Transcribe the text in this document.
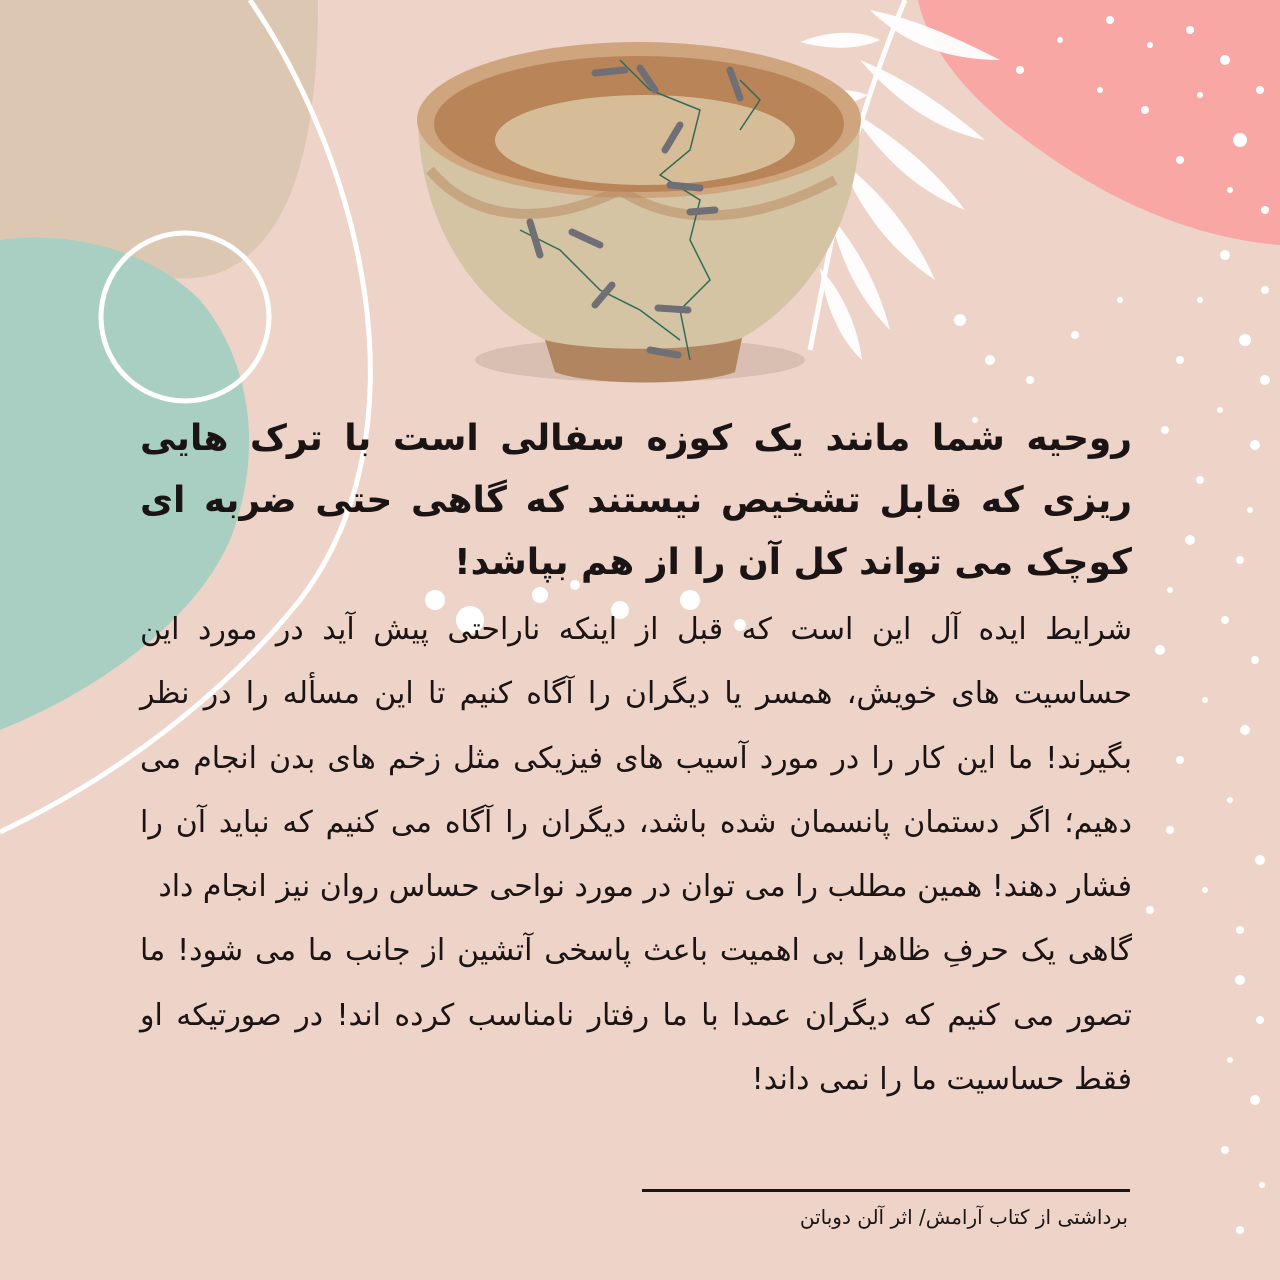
روحیه شما مانند یک کوزه سفالی است با ترک هایی ریزی که قابل تشخیص نیستند که گاهی حتی ضربه ای کوچک می تواند کل آن را از هم بپاشد!

شرایط ایده آل این است که قبل از اینکه ناراحتی پیش آید در مورد این حساسیت های خویش، همسر یا دیگران را آگاه کنیم تا این مسأله را در نظر بگیرند! ما این کار را در مورد آسیب های فیزیکی مثل زخم های بدن انجام می دهیم؛ اگر دستمان پانسمان شده باشد، دیگران را آگاه می کنیم که نباید آن را فشار دهند! همین مطلب را می توان در مورد نواحی حساس روان نیز انجام داد

گاهی یک حرفِ ظاهرا بی اهمیت باعث پاسخی آتشین از جانب ما می شود! ما تصور می کنیم که دیگران عمدا با ما رفتار نامناسب کرده اند! در صورتیکه او فقط حساسیت ما را نمی داند!

برداشتی از کتاب آرامش/ اثر آلن دوباتن
